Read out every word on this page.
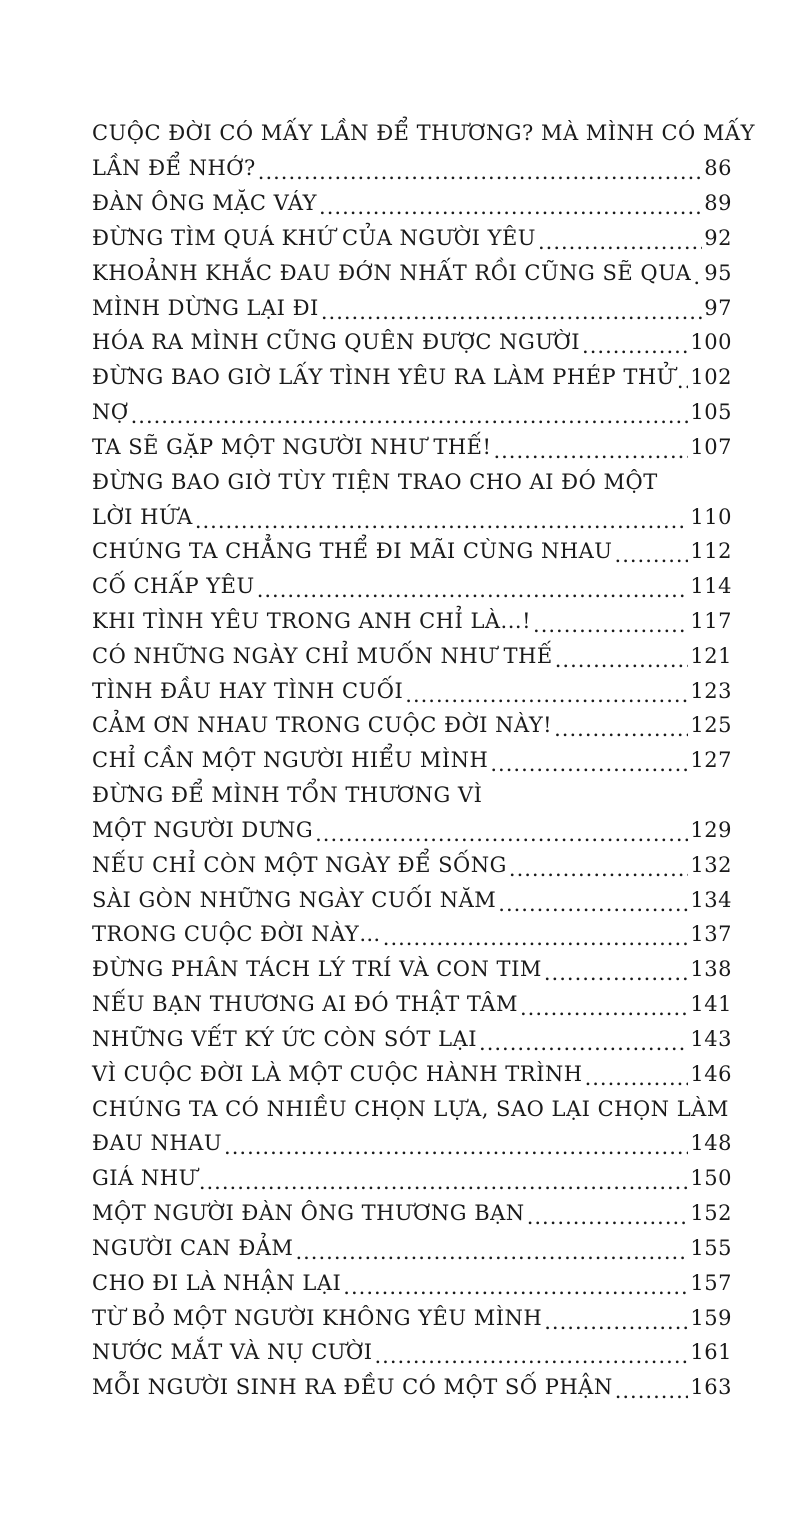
CUỘC ĐỜI CÓ MẤY LẦN ĐỂ THƯƠNG? MÀ MÌNH CÓ MẤY
LẦN ĐỂ NHỚ? .....	86
ĐÀN ÔNG MẶC VÁY .....	89
ĐỪNG TÌM QUÁ KHỨ CỦA NGƯỜI YÊU .....	92
KHOẢNH KHẮC ĐAU ĐỚN NHẤT RỒI CŨNG SẼ QUA ..... 95
MÌNH DỪNG LẠI ĐI .....	97
HÓA RA MÌNH CŨNG QUÊN ĐƯỢC NGƯỜI .....	100
ĐỪNG BAO GIỜ LẤY TÌNH YÊU RA LÀM PHÉP THỬ ..... 102
NỢ .....	105
TA SẼ GẶP MỘT NGƯỜI NHƯ THẾ! .....	107
ĐỪNG BAO GIỜ TÙY TIỆN TRAO CHO AI ĐÓ MỘT
LỜI HỨA .....	110
CHÚNG TA CHẲNG THỂ ĐI MÃI CÙNG NHAU .....	112
CỐ CHẤP YÊU .....	114
KHI TÌNH YÊU TRONG ANH CHỈ LÀ...! .....	117
CÓ NHỮNG NGÀY CHỈ MUỐN NHƯ THẾ .....	121
TÌNH ĐẦU HAY TÌNH CUỐI .....	123
CẢM ƠN NHAU TRONG CUỘC ĐỜI NÀY! .....	125
CHỈ CẦN MỘT NGƯỜI HIỂU MÌNH .....	127
ĐỪNG ĐỂ MÌNH TỔN THƯƠNG VÌ
MỘT NGƯỜI DƯNG .....	129
NẾU CHỈ CÒN MỘT NGÀY ĐỂ SỐNG .....	132
SÀI GÒN NHỮNG NGÀY CUỐI NĂM .....	134
TRONG CUỘC ĐỜI NÀY… .....	137
ĐỪNG PHÂN TÁCH LÝ TRÍ VÀ CON TIM .....	138
NẾU BẠN THƯƠNG AI ĐÓ THẬT TÂM .....	141
NHỮNG VẾT KÝ ỨC CÒN SÓT LẠI .....	143
VÌ CUỘC ĐỜI LÀ MỘT CUỘC HÀNH TRÌNH .....	146
CHÚNG TA CÓ NHIỀU CHỌN LỰA, SAO LẠI CHỌN LÀM
ĐAU NHAU .....	148
GIÁ NHƯ .....	150
MỘT NGƯỜI ĐÀN ÔNG THƯƠNG BẠN .....	152
NGƯỜI CAN ĐẢM .....	155
CHO ĐI LÀ NHẬN LẠI .....	157
TỪ BỎ MỘT NGƯỜI KHÔNG YÊU MÌNH .....	159
NƯỚC MẮT VÀ NỤ CƯỜI .....	161
MỖI NGƯỜI SINH RA ĐỀU CÓ MỘT SỐ PHẬN .....	163
